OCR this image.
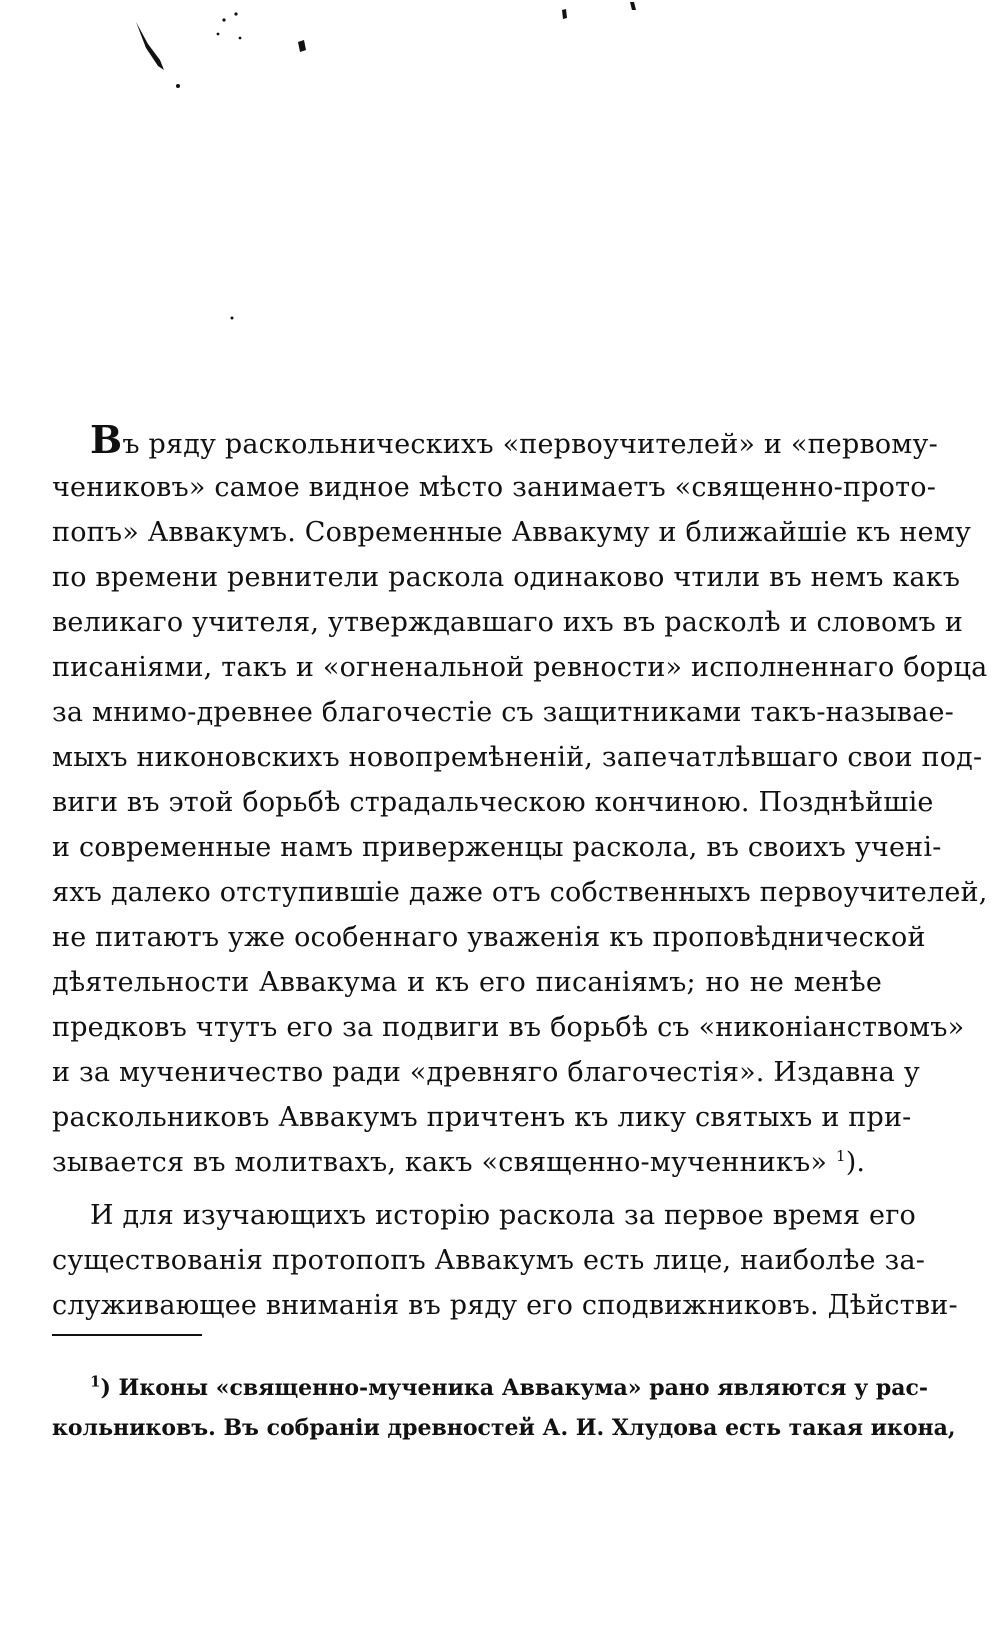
Въ ряду раскольническихъ «первоучителей» и «первому-
чениковъ» самое видное мѣсто занимаетъ «священно-прото-
попъ» Аввакумъ. Современные Аввакуму и ближайшіе къ нему
по времени ревнители раскола одинаково чтили въ немъ какъ
великаго учителя, утверждавшаго ихъ въ расколѣ и словомъ и
писаніями, такъ и «огненальной ревности» исполненнаго борца
за мнимо-древнее благочестіе съ защитниками такъ-называе-
мыхъ никоновскихъ новопремѣненій, запечатлѣвшаго свои под-
виги въ этой борьбѣ страдальческою кончиною. Позднѣйшіе
и современные намъ приверженцы раскола, въ своихъ ученi-
яхъ далеко отступившіе даже отъ собственныхъ первоучителей,
не питаютъ уже особеннаго уваженія къ проповѣднической
дѣятельности Аввакума и къ его писаніямъ; но не менѣе
предковъ чтутъ его за подвиги въ борьбѣ съ «никоніанствомъ»
и за мученичество ради «древняго благочестія». Издавна у
раскольниковъ Аввакумъ причтенъ къ лику святыхъ и при-
зывается въ молитвахъ, какъ «священно-мученникъ» $^1$).
И для изучающихъ исторію раскола за первое время его
существованія протопопъ Аввакумъ есть лице, наиболѣе за-
служивающее вниманія въ ряду его сподвижниковъ. Дѣйстви-
$^1$) Иконы «священно-мученика Аввакума» рано являются у рас-
кольниковъ. Въ собраніи древностей А. И. Хлудова есть такая икона,
